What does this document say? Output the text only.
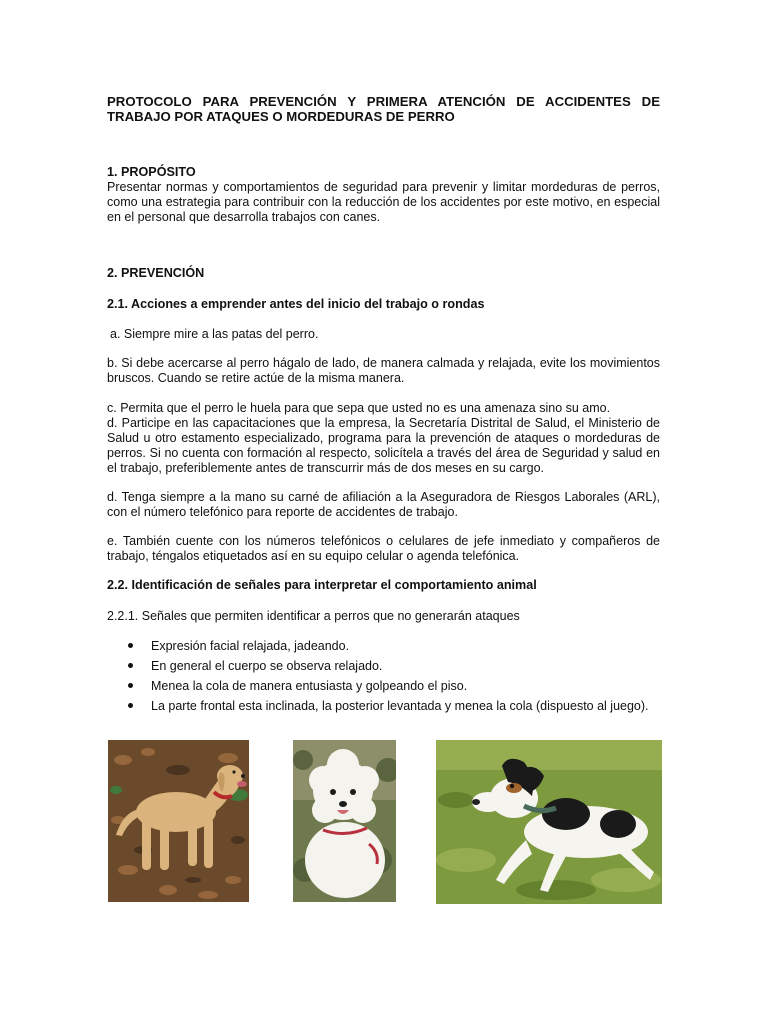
PROTOCOLO PARA PREVENCIÓN Y PRIMERA ATENCIÓN DE ACCIDENTES DE TRABAJO POR ATAQUES O MORDEDURAS DE PERRO
1. PROPÓSITO
Presentar normas y comportamientos de seguridad para prevenir y limitar mordeduras de perros, como una estrategia para contribuir con la reducción de los accidentes por este motivo, en especial en el personal que desarrolla trabajos con canes.
2. PREVENCIÓN
2.1. Acciones a emprender antes del inicio del trabajo o rondas
a. Siempre mire a las patas del perro.
b. Si debe acercarse al perro hágalo de lado, de manera calmada y relajada, evite los movimientos bruscos. Cuando se retire actúe de la misma manera.
c. Permita que el perro le huela para que sepa que usted no es una amenaza sino su amo.
d. Participe en las capacitaciones que la empresa, la Secretaría Distrital de Salud, el Ministerio de Salud u otro estamento especializado, programa para la prevención de ataques o mordeduras de perros. Si no cuenta con formación al respecto, solicítela a través del área de Seguridad y salud en el trabajo, preferiblemente antes de transcurrir más de dos meses en su cargo.
d. Tenga siempre a la mano su carné de afiliación a la Aseguradora de Riesgos Laborales (ARL), con el número telefónico para reporte de accidentes de trabajo.
e. También cuente con los números telefónicos o celulares de jefe inmediato y compañeros de trabajo, téngalos etiquetados así en su equipo celular o agenda telefónica.
2.2. Identificación de señales para interpretar el comportamiento animal
2.2.1. Señales que permiten identificar a perros que no generarán ataques
Expresión facial relajada, jadeando.
En general el cuerpo se observa relajado.
Menea la cola de manera entusiasta y golpeando el piso.
La parte frontal esta inclinada, la posterior levantada y menea la cola (dispuesto al juego).
